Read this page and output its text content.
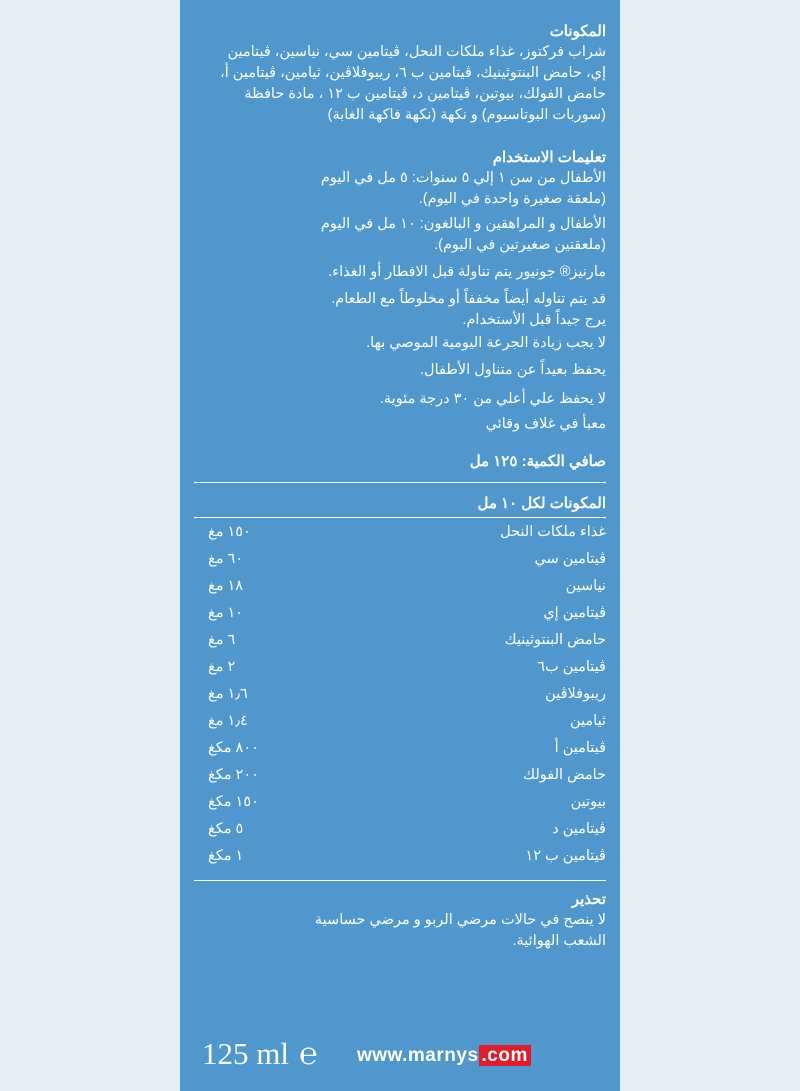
المكونات
شراب فركتوز، غذاء ملكات النحل، ڤيتامين سي، نياسين، ڤيتامين
إي، حامض البنتوثينيك، ڤيتامين ب ٦، ريبوفلاڤين، ثيامين، ڤيتامين أ،
حامض الفولك، بيوتين، ڤيتامين د، ڤيتامين ب ١٢ ، مادة حافظة
(سوربات البوتاسيوم) و نكهة (نكهة فاكهة الغابة)
تعليمات الاستخدام
الأطفال من سن ١ إلي ٥ سنوات: ٥ مل في اليوم
(ملعقة صغيرة واحدة في اليوم).
الأطفال و المراهقين و البالغون: ١٠ مل في اليوم
(ملعقتين صغيرتين في اليوم).
مارنيز® جونيور يتم تناولة قبل الافطار أو الغذاء.
قد يتم تناوله أيضاً مخففاً أو مخلوطاً مع الطعام.
يرج جيداً قبل الأستخدام.
لا يجب زيادة الجرعة اليومية الموصي بها.
يحفظ بعيداً عن متناول الأطفال.
لا يحفظ علي أعلي من ٣٠ درجة مئوية.
معبأ في غلاف وقائي
صافي الكمية: ١٢٥ مل
المكونات لكل ١٠ مل
غذاء ملكات النحل
١٥٠ مغ
ڤيتامين سي
٦٠ مغ
نياسين
١٨ مغ
ڤيتامين إي
١٠ مغ
حامض البنتوثينيك
٦ مغ
ڤيتامين ب٦
٢ مغ
ريبوفلاڤين
١٫٦ مغ
ثيامين
١٫٤ مغ
ڤيتامين أ
٨٠٠ مكغ
حامض الفولك
٢٠٠ مكغ
بيوتين
١٥٠ مكغ
ڤيتامين د
٥ مكغ
ڤيتامين ب ١٢
١ مكغ
تحذير
لا ينصح في حالات مرضي الربو و مرضي حساسية
الشعب الهوائية.
125 ml ℮ www.marnys .com
